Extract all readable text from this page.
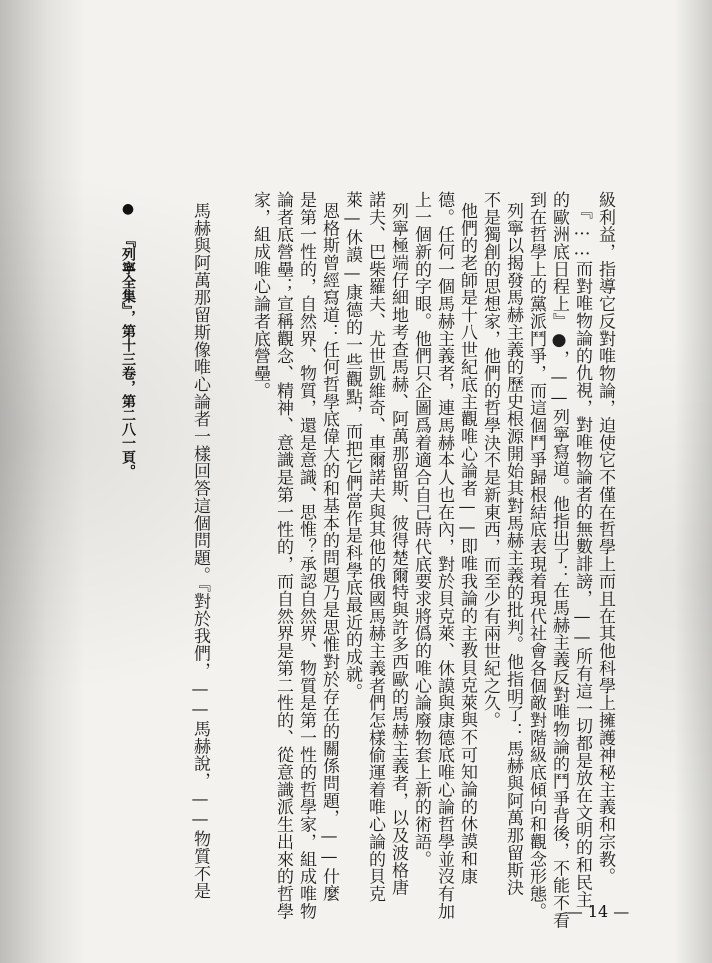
級利益，指導它反對唯物論，迫使它不僅在哲學上而且在其他科學上擁護神秘主義和宗教。
『……而對唯物論的仇視，對唯物論者的無數誹謗，——所有這一切都是放在文明的和民主
的歐洲底日程上』●，——列寧寫道。他指出了：在馬赫主義反對唯物論的鬥爭背後，不能不看
到在哲學上的黨派鬥爭，而這個鬥爭歸根結底表現着現代社會各個敵對階級底傾向和觀念形態。
列寧以揭發馬赫主義的歷史根源開始其對馬赫主義的批判。他指明了：馬赫與阿萬那留斯決
不是獨創的思想家，他們的哲學決不是新東西，而至少有兩世紀之久。
他們的老師是十八世紀底主觀唯心論者——即唯我論的主教貝克萊與不可知論的休謨和康
德。任何一個馬赫主義者，連馬赫本人也在內，對於貝克萊、休謨與康德底唯心論哲學並沒有加
上一個新的字眼。他們只企圖爲着適合自己時代底要求將僞的唯心論廢物套上新的術語。
列寧極端仔細地考查馬赫、阿萬那留斯、彼得楚爾特與許多西歐的馬赫主義者，以及波格唐
諾夫、巴柴羅夫、尤世凱維奇、車爾諾夫與其他的俄國馬赫主義者們怎樣偷運着唯心論的貝克
萊—休謨—康德的一些觀點，而把它們當作是科學底最近的成就。
恩格斯曾經寫道：任何哲學底偉大的和基本的問題乃是思惟對於存在的關係問題，——什麼
是第一性的，自然界、物質，還是意識、思惟？承認自然界、物質是第一性的哲學家，組成唯物
論者底營壘；宣稱觀念、精神、意識是第一性的，而自然界是第二性的、從意識派生出來的哲學
家，組成唯心論者底營壘。
馬赫與阿萬那留斯像唯心論者一樣回答這個問題。『對於我們，——馬赫說，——物質不是
● 『列寧全集』，第十三卷，第二八一頁。
— 14 —
